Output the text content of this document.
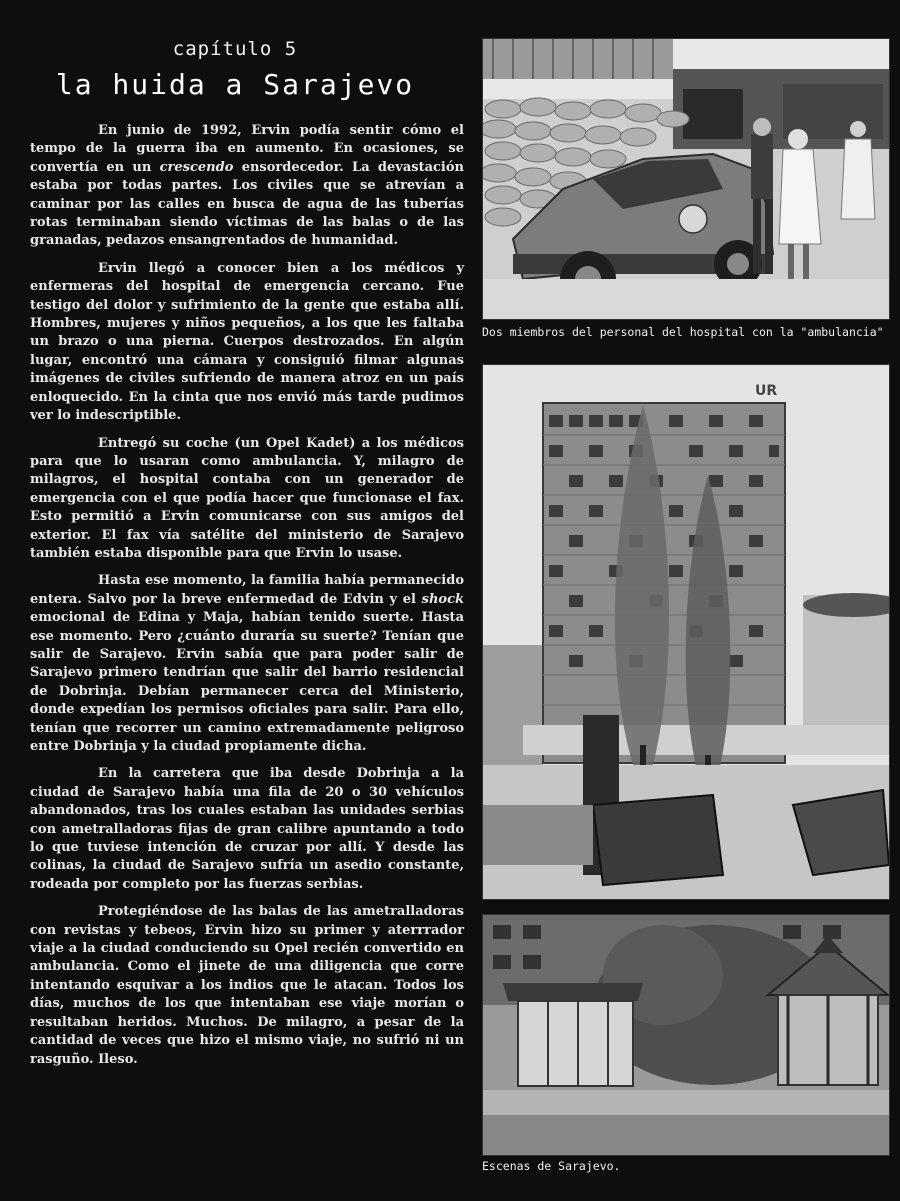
capítulo 5
la huida a Sarajevo

En junio de 1992, Ervin podía sentir cómo el tempo de la guerra iba en aumento. En ocasiones, se convertía en un crescendo ensordecedor. La devastación estaba por todas partes. Los civiles que se atrevían a caminar por las calles en busca de agua de las tuberías rotas terminaban siendo víctimas de las balas o de las granadas, pedazos ensangrentados de humanidad.

Ervin llegó a conocer bien a los médicos y enfermeras del hospital de emergencia cercano. Fue testigo del dolor y sufrimiento de la gente que estaba allí. Hombres, mujeres y niños pequeños, a los que les faltaba un brazo o una pierna. Cuerpos destrozados. En algún lugar, encontró una cámara y consiguió filmar algunas imágenes de civiles sufriendo de manera atroz en un país enloquecido. En la cinta que nos envió más tarde pudimos ver lo indescriptible.

Entregó su coche (un Opel Kadet) a los médicos para que lo usaran como ambulancia. Y, milagro de milagros, el hospital contaba con un generador de emergencia con el que podía hacer que funcionase el fax. Esto permitió a Ervin comunicarse con sus amigos del exterior. El fax vía satélite del ministerio de Sarajevo también estaba disponible para que Ervin lo usase.

Hasta ese momento, la familia había permanecido entera. Salvo por la breve enfermedad de Edvin y el shock emocional de Edina y Maja, habían tenido suerte. Hasta ese momento. Pero ¿cuánto duraría su suerte? Tenían que salir de Sarajevo. Ervin sabía que para poder salir de Sarajevo primero tendrían que salir del barrio residencial de Dobrinja. Debían permanecer cerca del Ministerio, donde expedían los permisos oficiales para salir. Para ello, tenían que recorrer un camino extremadamente peligroso entre Dobrinja y la ciudad propiamente dicha.

En la carretera que iba desde Dobrinja a la ciudad de Sarajevo había una fila de 20 o 30 vehículos abandonados, tras los cuales estaban las unidades serbias con ametralladoras fijas de gran calibre apuntando a todo lo que tuviese intención de cruzar por allí. Y desde las colinas, la ciudad de Sarajevo sufría un asedio constante, rodeada por completo por las fuerzas serbias.

Protegiéndose de las balas de las ametralladoras con revistas y tebeos, Ervin hizo su primer y aterrrador viaje a la ciudad conduciendo su Opel recién convertido en ambulancia. Como el jinete de una diligencia que corre intentando esquivar a los indios que le atacan. Todos los días, muchos de los que intentaban ese viaje morían o resultaban heridos. Muchos. De milagro, a pesar de la cantidad de veces que hizo el mismo viaje, no sufrió ni un rasguño. Ileso.

Dos miembros del personal del hospital con la "ambulancia"
UR
Escenas de Sarajevo.
